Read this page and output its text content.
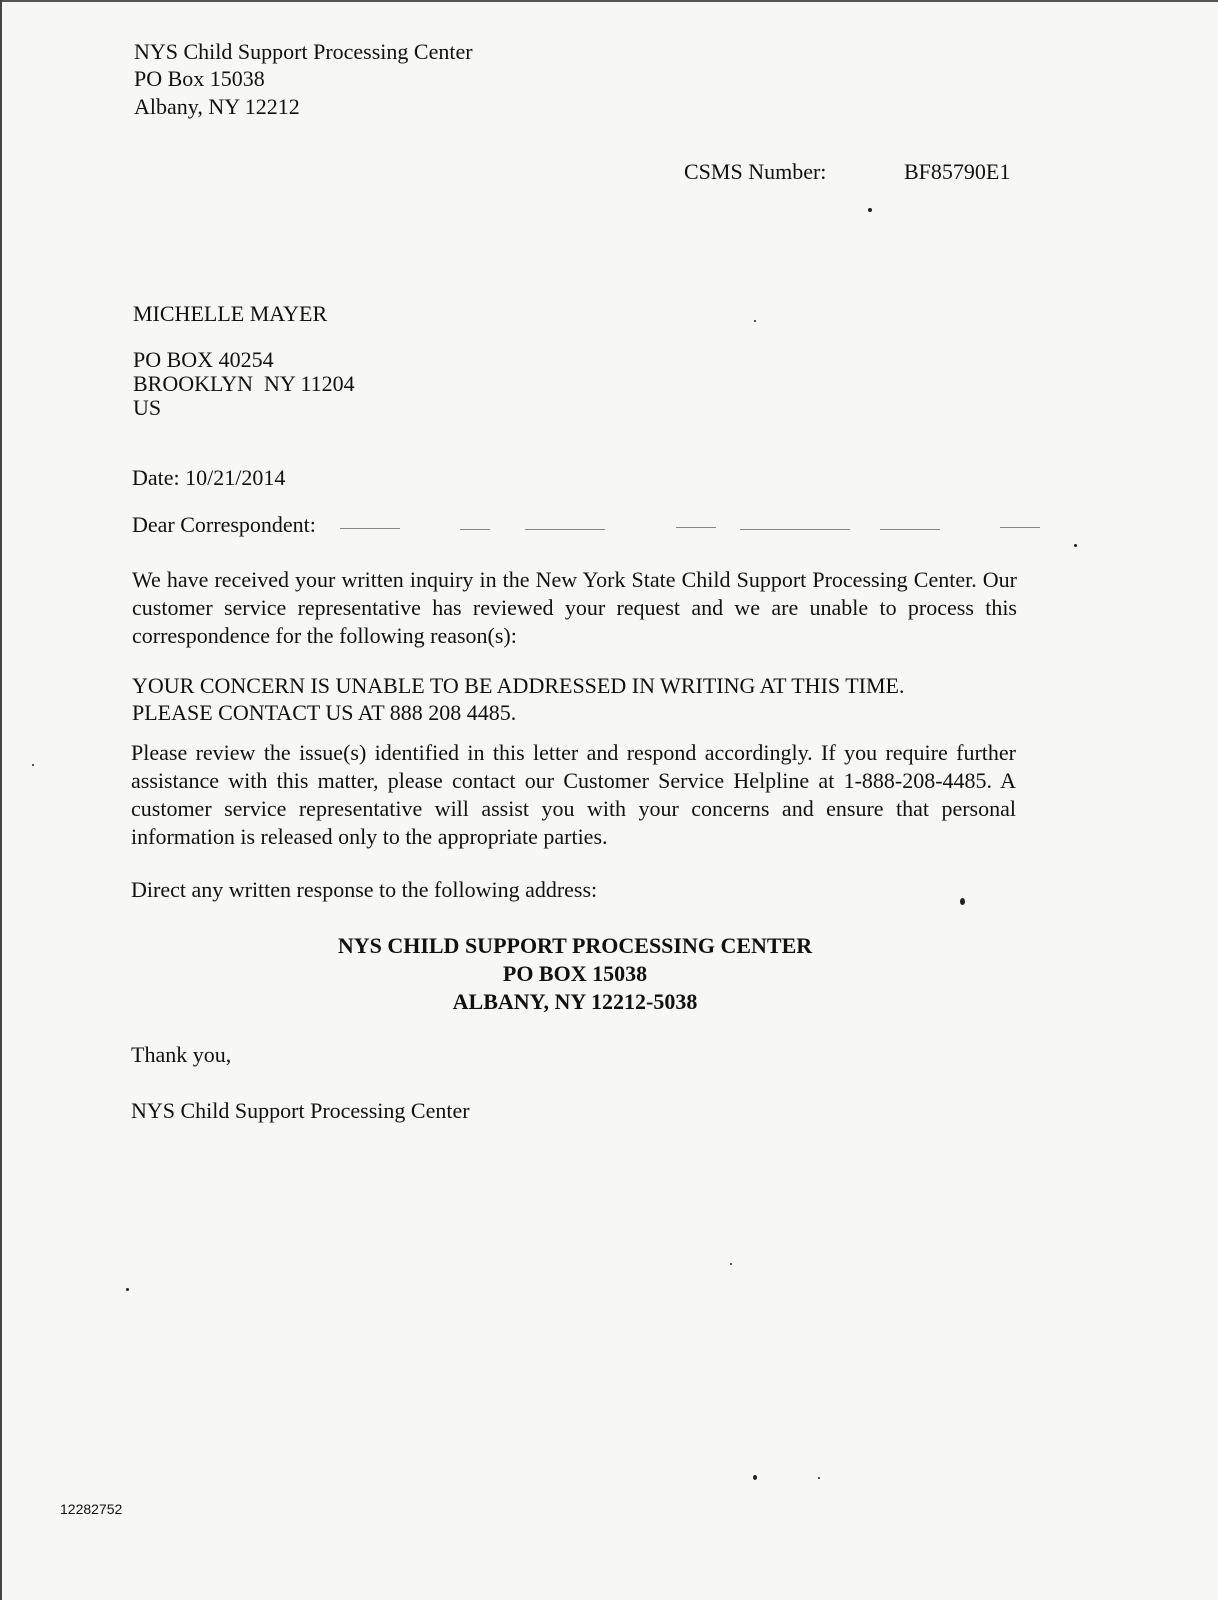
NYS Child Support Processing Center
PO Box 15038
Albany, NY 12212
CSMS Number:	BF85790E1
MICHELLE MAYER
PO BOX 40254
BROOKLYN  NY 11204
US
Date: 10/21/2014
Dear Correspondent:
We have received your written inquiry in the New York State Child Support Processing Center. Our customer service representative has reviewed your request and we are unable to process this correspondence for the following reason(s):
YOUR CONCERN IS UNABLE TO BE ADDRESSED IN WRITING AT THIS TIME.
PLEASE CONTACT US AT 888 208 4485.
Please review the issue(s) identified in this letter and respond accordingly. If you require further assistance with this matter, please contact our Customer Service Helpline at 1-888-208-4485. A customer service representative will assist you with your concerns and ensure that personal information is released only to the appropriate parties.
Direct any written response to the following address:
NYS CHILD SUPPORT PROCESSING CENTER
PO BOX 15038
ALBANY, NY 12212-5038
Thank you,
NYS Child Support Processing Center
12282752
